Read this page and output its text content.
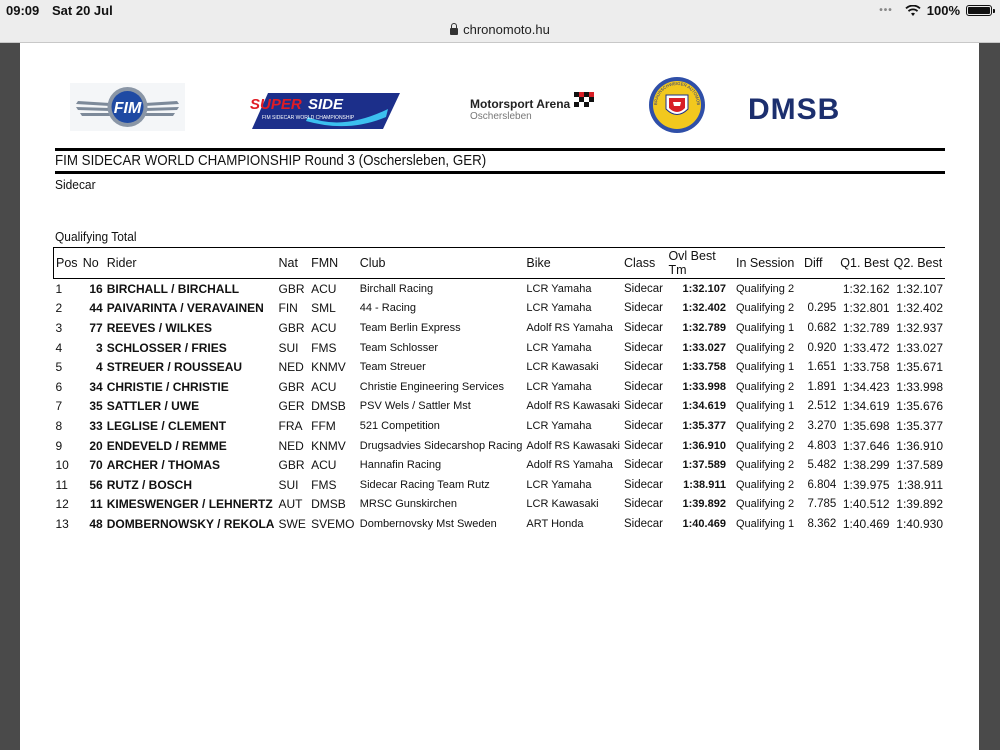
09:09 Sat 20 Jul	•••	100%
chronomoto.hu
FIM	SUPER SIDE
FIM SIDECAR WORLD CHAMPIONSHIP
Motorsport Arena
Oschersleben
BRAUNSCHWEIGER AUTOMOB DMSB
FIM SIDECAR WORLD CHAMPIONSHIP Round 3 (Oschersleben, GER)
Sidecar
Qualifying Total
Pos	No	Rider	Nat	FMN	Club	Bike	Class	Ovl Best Tm	In Session	Diff	Q1. Best	Q2. Best
1	16	BIRCHALL / BIRCHALL	GBR	ACU	Birchall Racing	LCR Yamaha	Sidecar	1:32.107	Qualifying 2		1:32.162	1:32.107
2	44	PAIVARINTA / VERAVAINEN	FIN	SML	44 - Racing	LCR Yamaha	Sidecar	1:32.402	Qualifying 2	0.295	1:32.801	1:32.402
3	77	REEVES / WILKES	GBR	ACU	Team Berlin Express	Adolf RS Yamaha	Sidecar	1:32.789	Qualifying 1	0.682	1:32.789	1:32.937
4	3	SCHLOSSER / FRIES	SUI	FMS	Team Schlosser	LCR Yamaha	Sidecar	1:33.027	Qualifying 2	0.920	1:33.472	1:33.027
5	4	STREUER / ROUSSEAU	NED	KNMV	Team Streuer	LCR Kawasaki	Sidecar	1:33.758	Qualifying 1	1.651	1:33.758	1:35.671
6	34	CHRISTIE / CHRISTIE	GBR	ACU	Christie Engineering Services	LCR Yamaha	Sidecar	1:33.998	Qualifying 2	1.891	1:34.423	1:33.998
7	35	SATTLER / UWE	GER	DMSB	PSV Wels / Sattler Mst	Adolf RS Kawasaki	Sidecar	1:34.619	Qualifying 1	2.512	1:34.619	1:35.676
8	33	LEGLISE / CLEMENT	FRA	FFM	521 Competition	LCR Yamaha	Sidecar	1:35.377	Qualifying 2	3.270	1:35.698	1:35.377
9	20	ENDEVELD / REMME	NED	KNMV	Drugsadvies Sidecarshop Racing	Adolf RS Kawasaki	Sidecar	1:36.910	Qualifying 2	4.803	1:37.646	1:36.910
10	70	ARCHER / THOMAS	GBR	ACU	Hannafin Racing	Adolf RS Yamaha	Sidecar	1:37.589	Qualifying 2	5.482	1:38.299	1:37.589
11	56	RUTZ / BOSCH	SUI	FMS	Sidecar Racing Team Rutz	LCR Yamaha	Sidecar	1:38.911	Qualifying 2	6.804	1:39.975	1:38.911
12	11	KIMESWENGER / LEHNERTZ	AUT	DMSB	MRSC Gunskirchen	LCR Kawasaki	Sidecar	1:39.892	Qualifying 2	7.785	1:40.512	1:39.892
13	48	DOMBERNOWSKY / REKOLA	SWE	SVEMO	Dombernovsky Mst Sweden	ART Honda	Sidecar	1:40.469	Qualifying 1	8.362	1:40.469	1:40.930
